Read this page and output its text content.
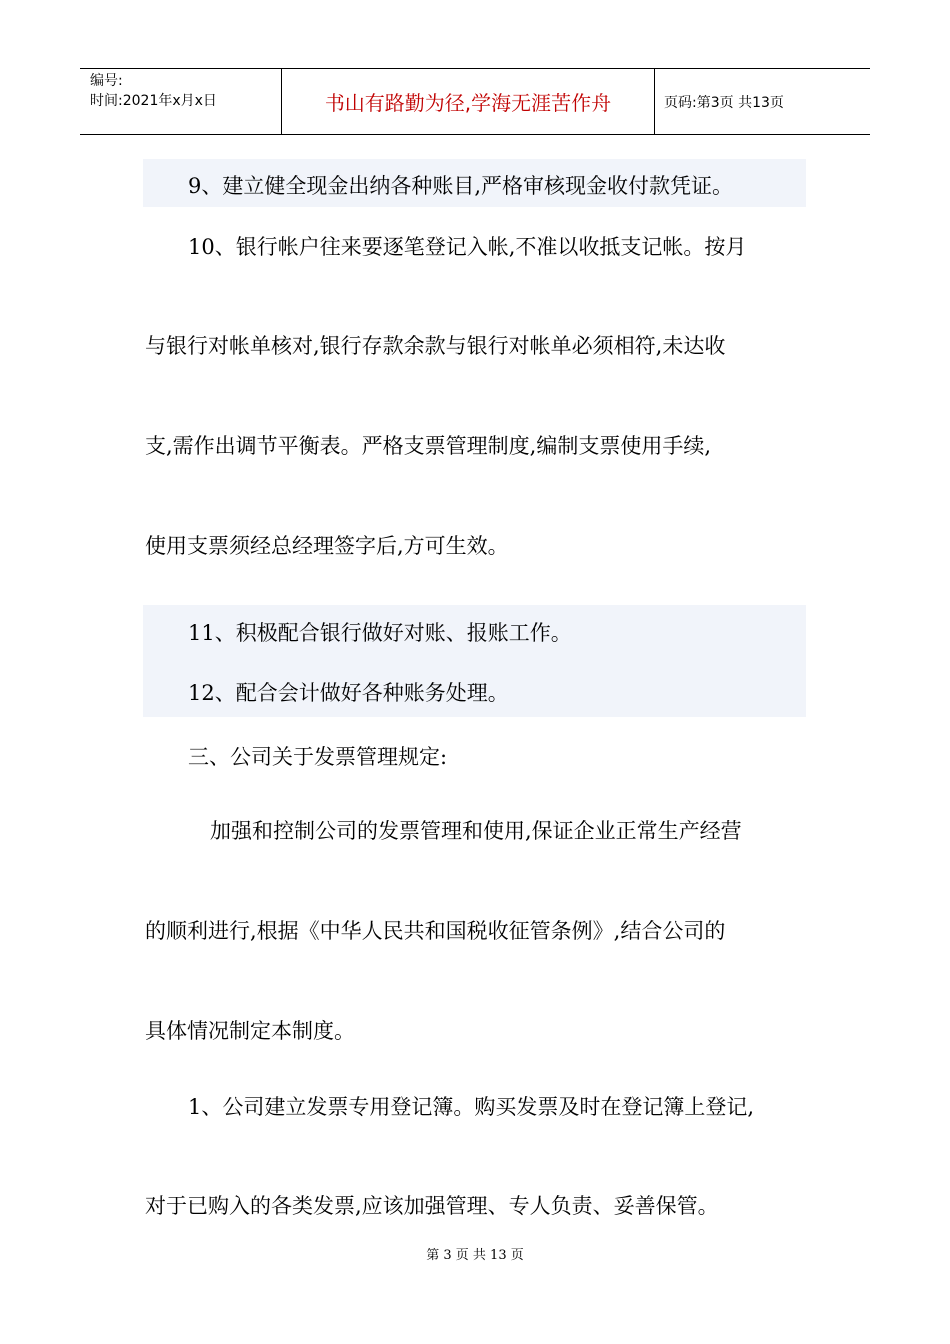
编号:
时间:2021年x月x日	书山有路勤为径,学海无涯苦作舟	页码:第3页 共13页
9、建立健全现金出纳各种账目,严格审核现金收付款凭证。
10、银行帐户往来要逐笔登记入帐,不准以收抵支记帐。按月
与银行对帐单核对,银行存款余款与银行对帐单必须相符,未达收
支,需作出调节平衡表。严格支票管理制度,编制支票使用手续,
使用支票须经总经理签字后,方可生效。
11、积极配合银行做好对账、报账工作。
12、配合会计做好各种账务处理。
三、公司关于发票管理规定:
加强和控制公司的发票管理和使用,保证企业正常生产经营
的顺利进行,根据《中华人民共和国税收征管条例》,结合公司的
具体情况制定本制度。
1、公司建立发票专用登记簿。购买发票及时在登记簿上登记,
对于已购入的各类发票,应该加强管理、专人负责、妥善保管。
第 3 页 共 13 页
